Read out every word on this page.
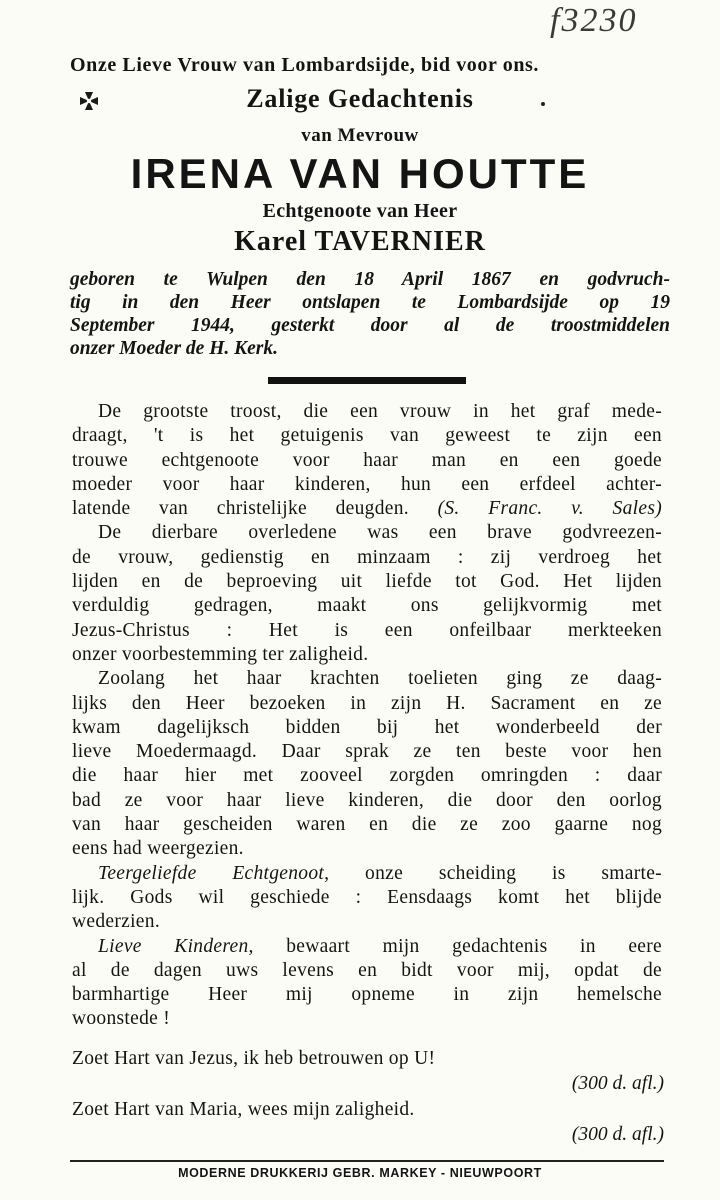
f3230
Onze Lieve Vrouw van Lombardsijde, bid voor ons.
Zalige Gedachtenis
van Mevrouw
IRENA VAN HOUTTE
Echtgenoote van Heer
Karel TAVERNIER
geboren te Wulpen den 18 April 1867 en godvruch-
tig in den Heer ontslapen te Lombardsijde op 19
September 1944, gesterkt door al de troostmiddelen
onzer Moeder de H. Kerk.
De grootste troost, die een vrouw in het graf mede-
draagt, 't is het getuigenis van geweest te zijn een
trouwe echtgenoote voor haar man en een goede
moeder voor haar kinderen, hun een erfdeel achter-
latende van christelijke deugden. (S. Franc. v. Sales)
De dierbare overledene was een brave godvreezen-
de vrouw, gedienstig en minzaam : zij verdroeg het
lijden en de beproeving uit liefde tot God. Het lijden
verduldig gedragen, maakt ons gelijkvormig met
Jezus-Christus : Het is een onfeilbaar merkteeken
onzer voorbestemming ter zaligheid.
Zoolang het haar krachten toelieten ging ze daag-
lijks den Heer bezoeken in zijn H. Sacrament en ze
kwam dagelijksch bidden bij het wonderbeeld der
lieve Moedermaagd. Daar sprak ze ten beste voor hen
die haar hier met zooveel zorgden omringden : daar
bad ze voor haar lieve kinderen, die door den oorlog
van haar gescheiden waren en die ze zoo gaarne nog
eens had weergezien.
Teergeliefde Echtgenoot, onze scheiding is smarte-
lijk. Gods wil geschiede : Eensdaags komt het blijde
wederzien.
Lieve Kinderen, bewaart mijn gedachtenis in eere
al de dagen uws levens en bidt voor mij, opdat de
barmhartige Heer mij opneme in zijn hemelsche
woonstede !
Zoet Hart van Jezus, ik heb betrouwen op U!
(300 d. afl.)
Zoet Hart van Maria, wees mijn zaligheid.
(300 d. afl.)
MODERNE DRUKKERIJ GEBR. MARKEY - NIEUWPOORT
